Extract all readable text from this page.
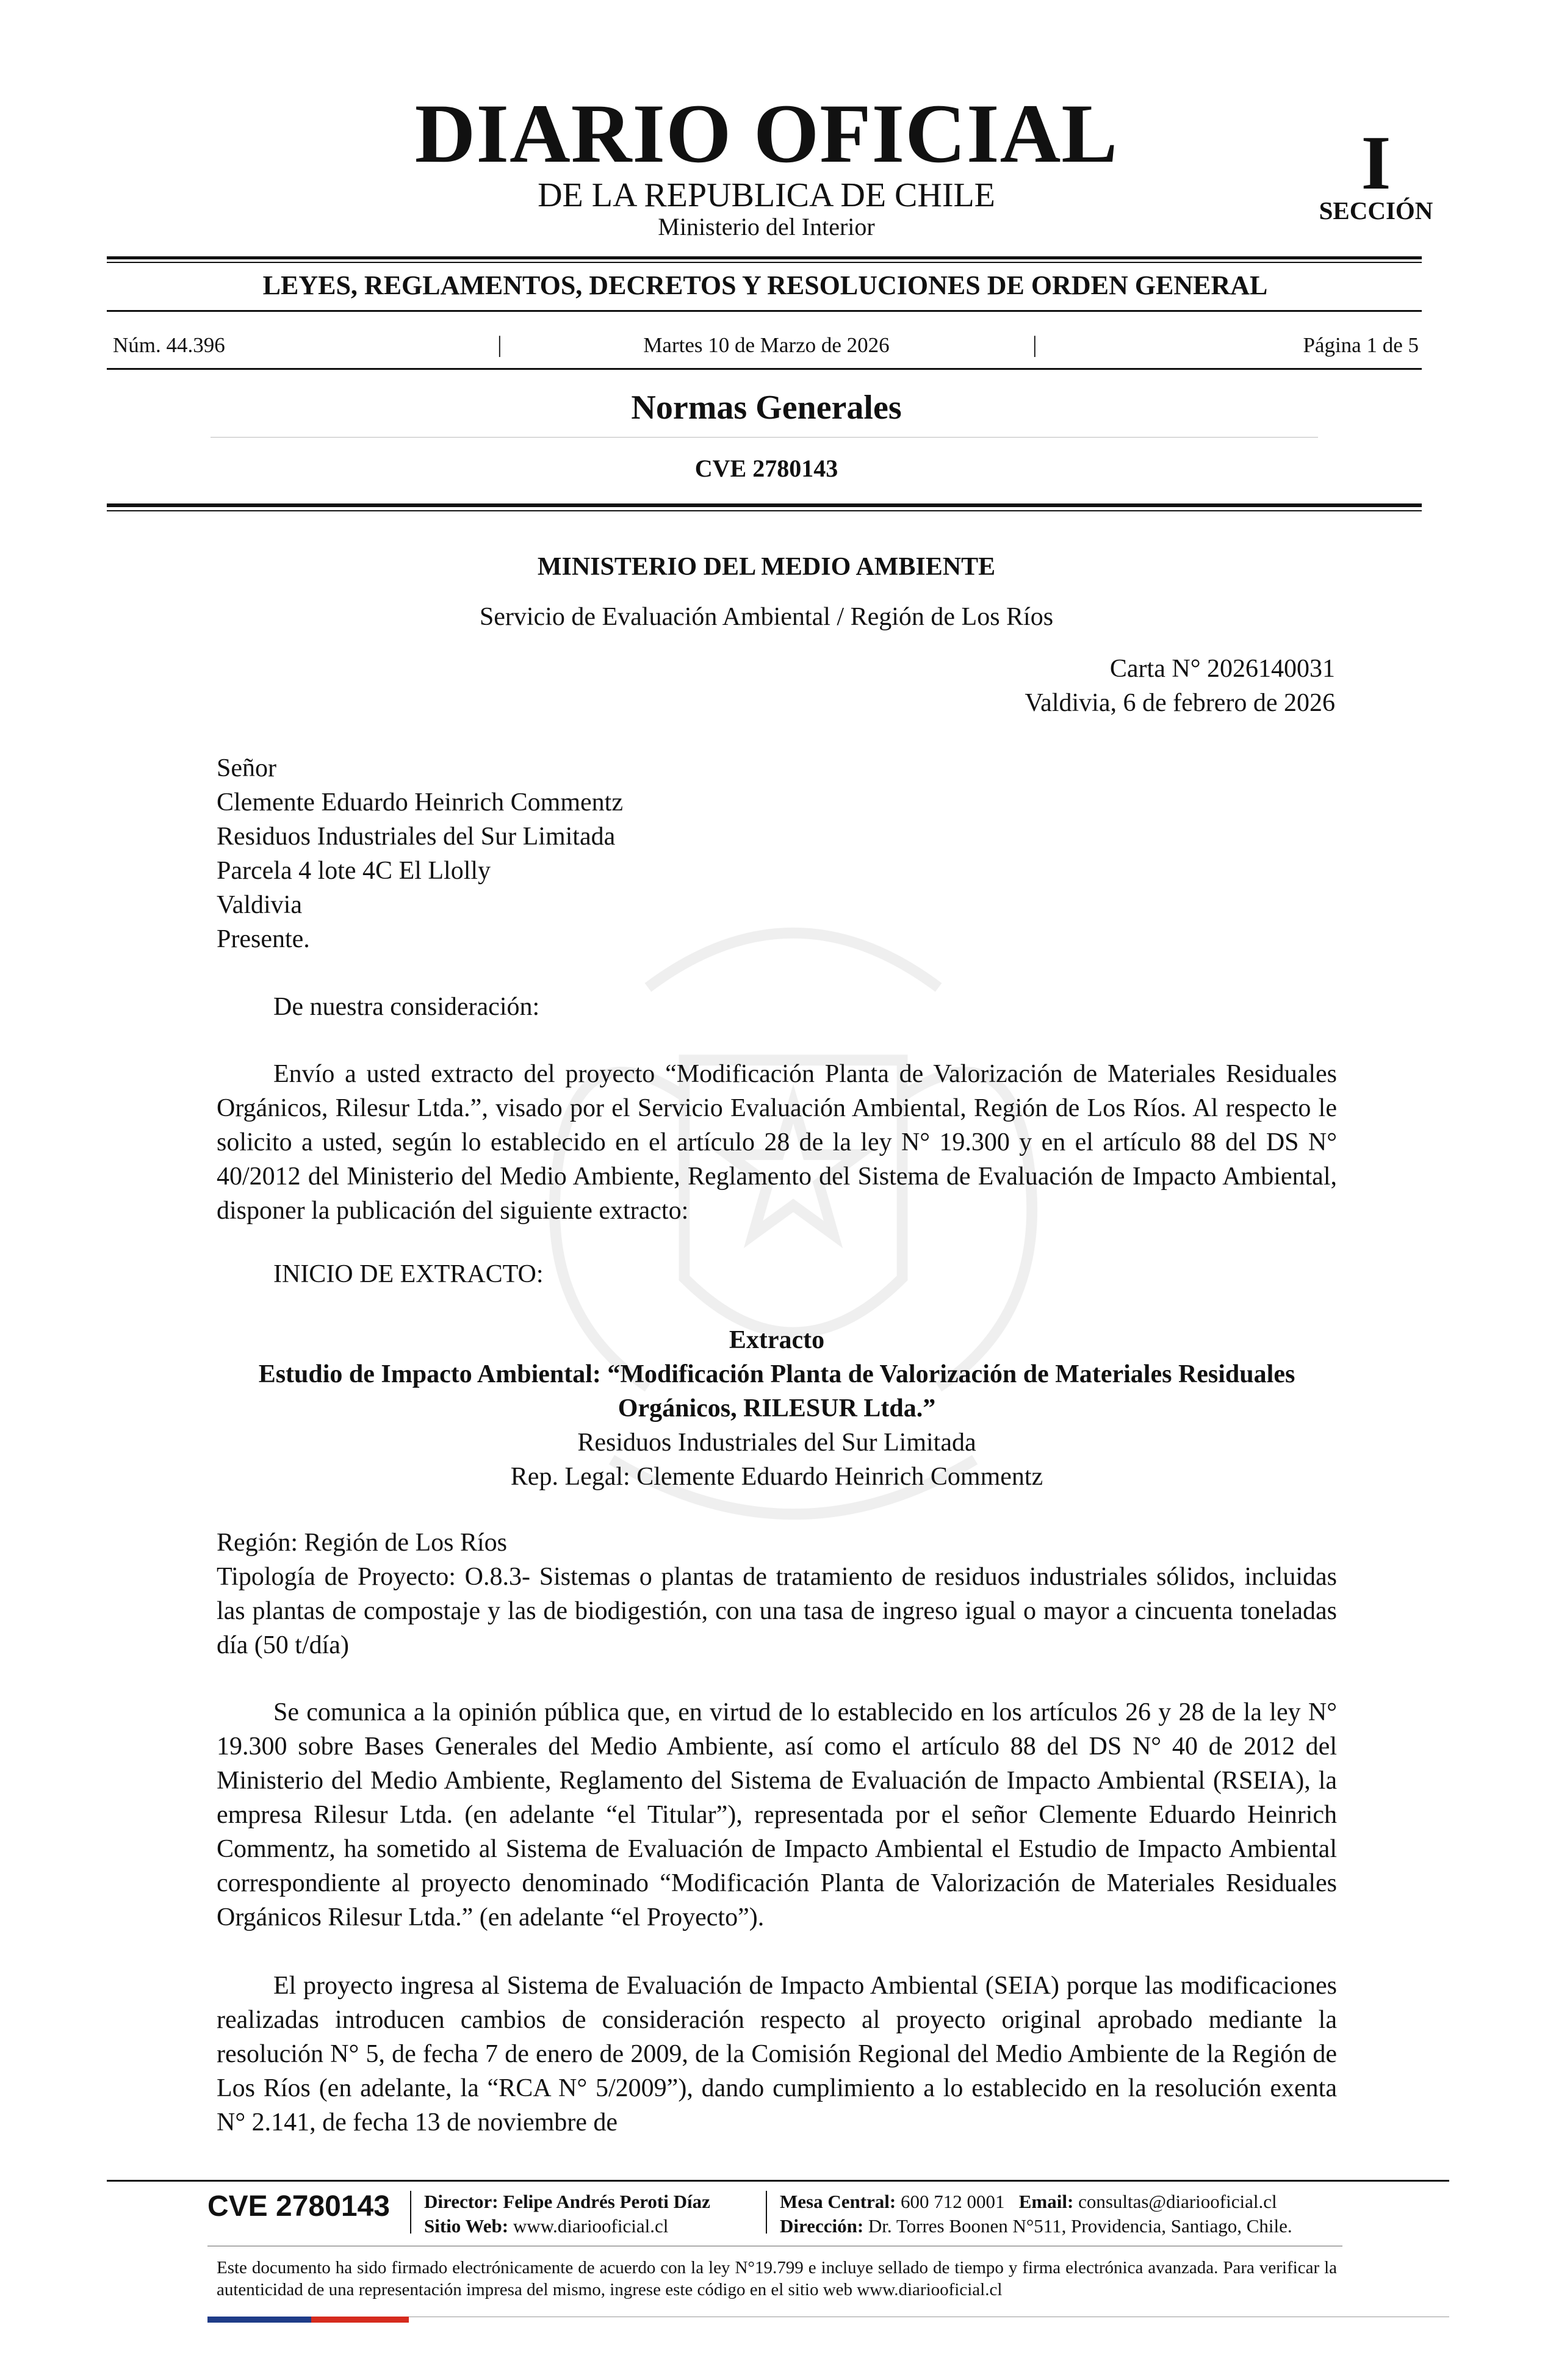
DIARIO OFICIAL
DE LA REPUBLICA DE CHILE
Ministerio del Interior
I
SECCIÓN
LEYES, REGLAMENTOS, DECRETOS Y RESOLUCIONES DE ORDEN GENERAL
Núm. 44.396	|	Martes 10 de Marzo de 2026	|	Página 1 de 5
Normas Generales
CVE 2780143
MINISTERIO DEL MEDIO AMBIENTE
Servicio de Evaluación Ambiental / Región de Los Ríos
Carta N° 2026140031
Valdivia, 6 de febrero de 2026
Señor
Clemente Eduardo Heinrich Commentz
Residuos Industriales del Sur Limitada
Parcela 4 lote 4C El Llolly
Valdivia
Presente.
De nuestra consideración:
Envío a usted extracto del proyecto “Modificación Planta de Valorización de Materiales Residuales Orgánicos, Rilesur Ltda.”, visado por el Servicio Evaluación Ambiental, Región de Los Ríos. Al respecto le solicito a usted, según lo establecido en el artículo 28 de la ley N° 19.300 y en el artículo 88 del DS N° 40/2012 del Ministerio del Medio Ambiente, Reglamento del Sistema de Evaluación de Impacto Ambiental, disponer la publicación del siguiente extracto:
INICIO DE EXTRACTO:
Extracto
Estudio de Impacto Ambiental: “Modificación Planta de Valorización de Materiales Residuales Orgánicos, RILESUR Ltda.”
Residuos Industriales del Sur Limitada
Rep. Legal: Clemente Eduardo Heinrich Commentz
Región: Región de Los Ríos
Tipología de Proyecto: O.8.3- Sistemas o plantas de tratamiento de residuos industriales sólidos, incluidas las plantas de compostaje y las de biodigestión, con una tasa de ingreso igual o mayor a cincuenta toneladas día (50 t/día)
Se comunica a la opinión pública que, en virtud de lo establecido en los artículos 26 y 28 de la ley N° 19.300 sobre Bases Generales del Medio Ambiente, así como el artículo 88 del DS N° 40 de 2012 del Ministerio del Medio Ambiente, Reglamento del Sistema de Evaluación de Impacto Ambiental (RSEIA), la empresa Rilesur Ltda. (en adelante “el Titular”), representada por el señor Clemente Eduardo Heinrich Commentz, ha sometido al Sistema de Evaluación de Impacto Ambiental el Estudio de Impacto Ambiental correspondiente al proyecto denominado “Modificación Planta de Valorización de Materiales Residuales Orgánicos Rilesur Ltda.” (en adelante “el Proyecto”).
El proyecto ingresa al Sistema de Evaluación de Impacto Ambiental (SEIA) porque las modificaciones realizadas introducen cambios de consideración respecto al proyecto original aprobado mediante la resolución N° 5, de fecha 7 de enero de 2009, de la Comisión Regional del Medio Ambiente de la Región de Los Ríos (en adelante, la “RCA N° 5/2009”), dando cumplimiento a lo establecido en la resolución exenta N° 2.141, de fecha 13 de noviembre de
CVE 2780143 Director: Felipe Andrés Peroti Díaz
Sitio Web: www.diariooficial.cl
Mesa Central: 600 712 0001 Email: consultas@diariooficial.cl
Dirección: Dr. Torres Boonen N°511, Providencia, Santiago, Chile.
Este documento ha sido firmado electrónicamente de acuerdo con la ley N°19.799 e incluye sellado de tiempo y firma electrónica avanzada. Para verificar la autenticidad de una representación impresa del mismo, ingrese este código en el sitio web www.diariooficial.cl
